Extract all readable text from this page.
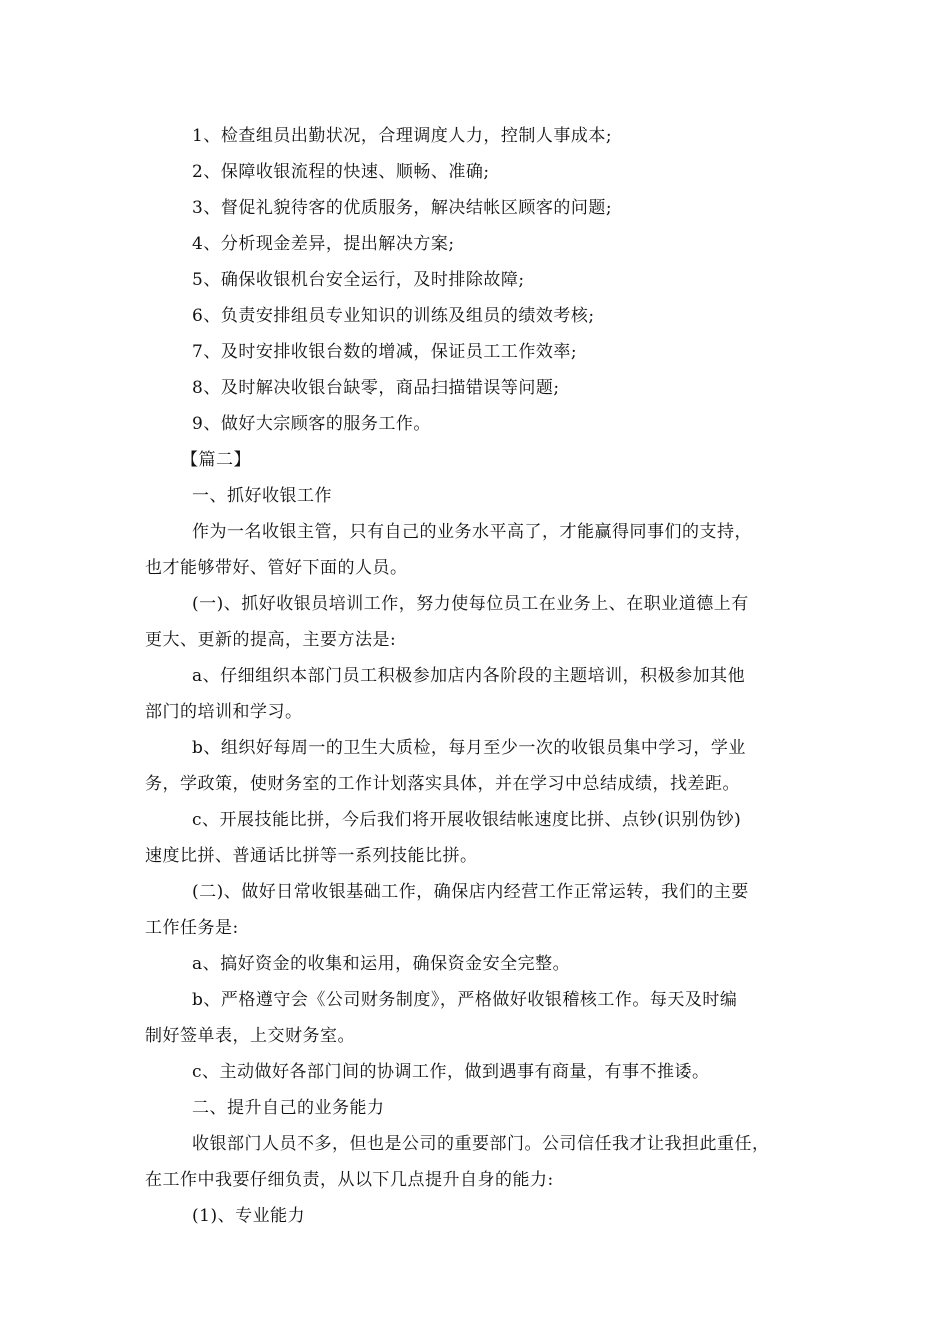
1、检查组员出勤状况，合理调度人力，控制人事成本;
2、保障收银流程的快速、顺畅、准确;
3、督促礼貌待客的优质服务，解决结帐区顾客的问题;
4、分析现金差异，提出解决方案;
5、确保收银机台安全运行，及时排除故障;
6、负责安排组员专业知识的训练及组员的绩效考核;
7、及时安排收银台数的增减，保证员工工作效率;
8、及时解决收银台缺零，商品扫描错误等问题;
9、做好大宗顾客的服务工作。
【篇二】
一、抓好收银工作
作为一名收银主管，只有自己的业务水平高了，才能赢得同事们的支持，
也才能够带好、管好下面的人员。
(一)、抓好收银员培训工作，努力使每位员工在业务上、在职业道德上有
更大、更新的提高，主要方法是:
a、仔细组织本部门员工积极参加店内各阶段的主题培训，积极参加其他
部门的培训和学习。
b、组织好每周一的卫生大质检，每月至少一次的收银员集中学习，学业
务，学政策，使财务室的工作计划落实具体，并在学习中总结成绩，找差距。
c、开展技能比拼，今后我们将开展收银结帐速度比拼、点钞(识别伪钞)
速度比拼、普通话比拼等一系列技能比拼。
(二)、做好日常收银基础工作，确保店内经营工作正常运转，我们的主要
工作任务是:
a、搞好资金的收集和运用，确保资金安全完整。
b、严格遵守会《公司财务制度》，严格做好收银稽核工作。每天及时编
制好签单表，上交财务室。
c、主动做好各部门间的协调工作，做到遇事有商量，有事不推诿。
二、提升自己的业务能力
收银部门人员不多，但也是公司的重要部门。公司信任我才让我担此重任，
在工作中我要仔细负责，从以下几点提升自身的能力:
(1)、专业能力
